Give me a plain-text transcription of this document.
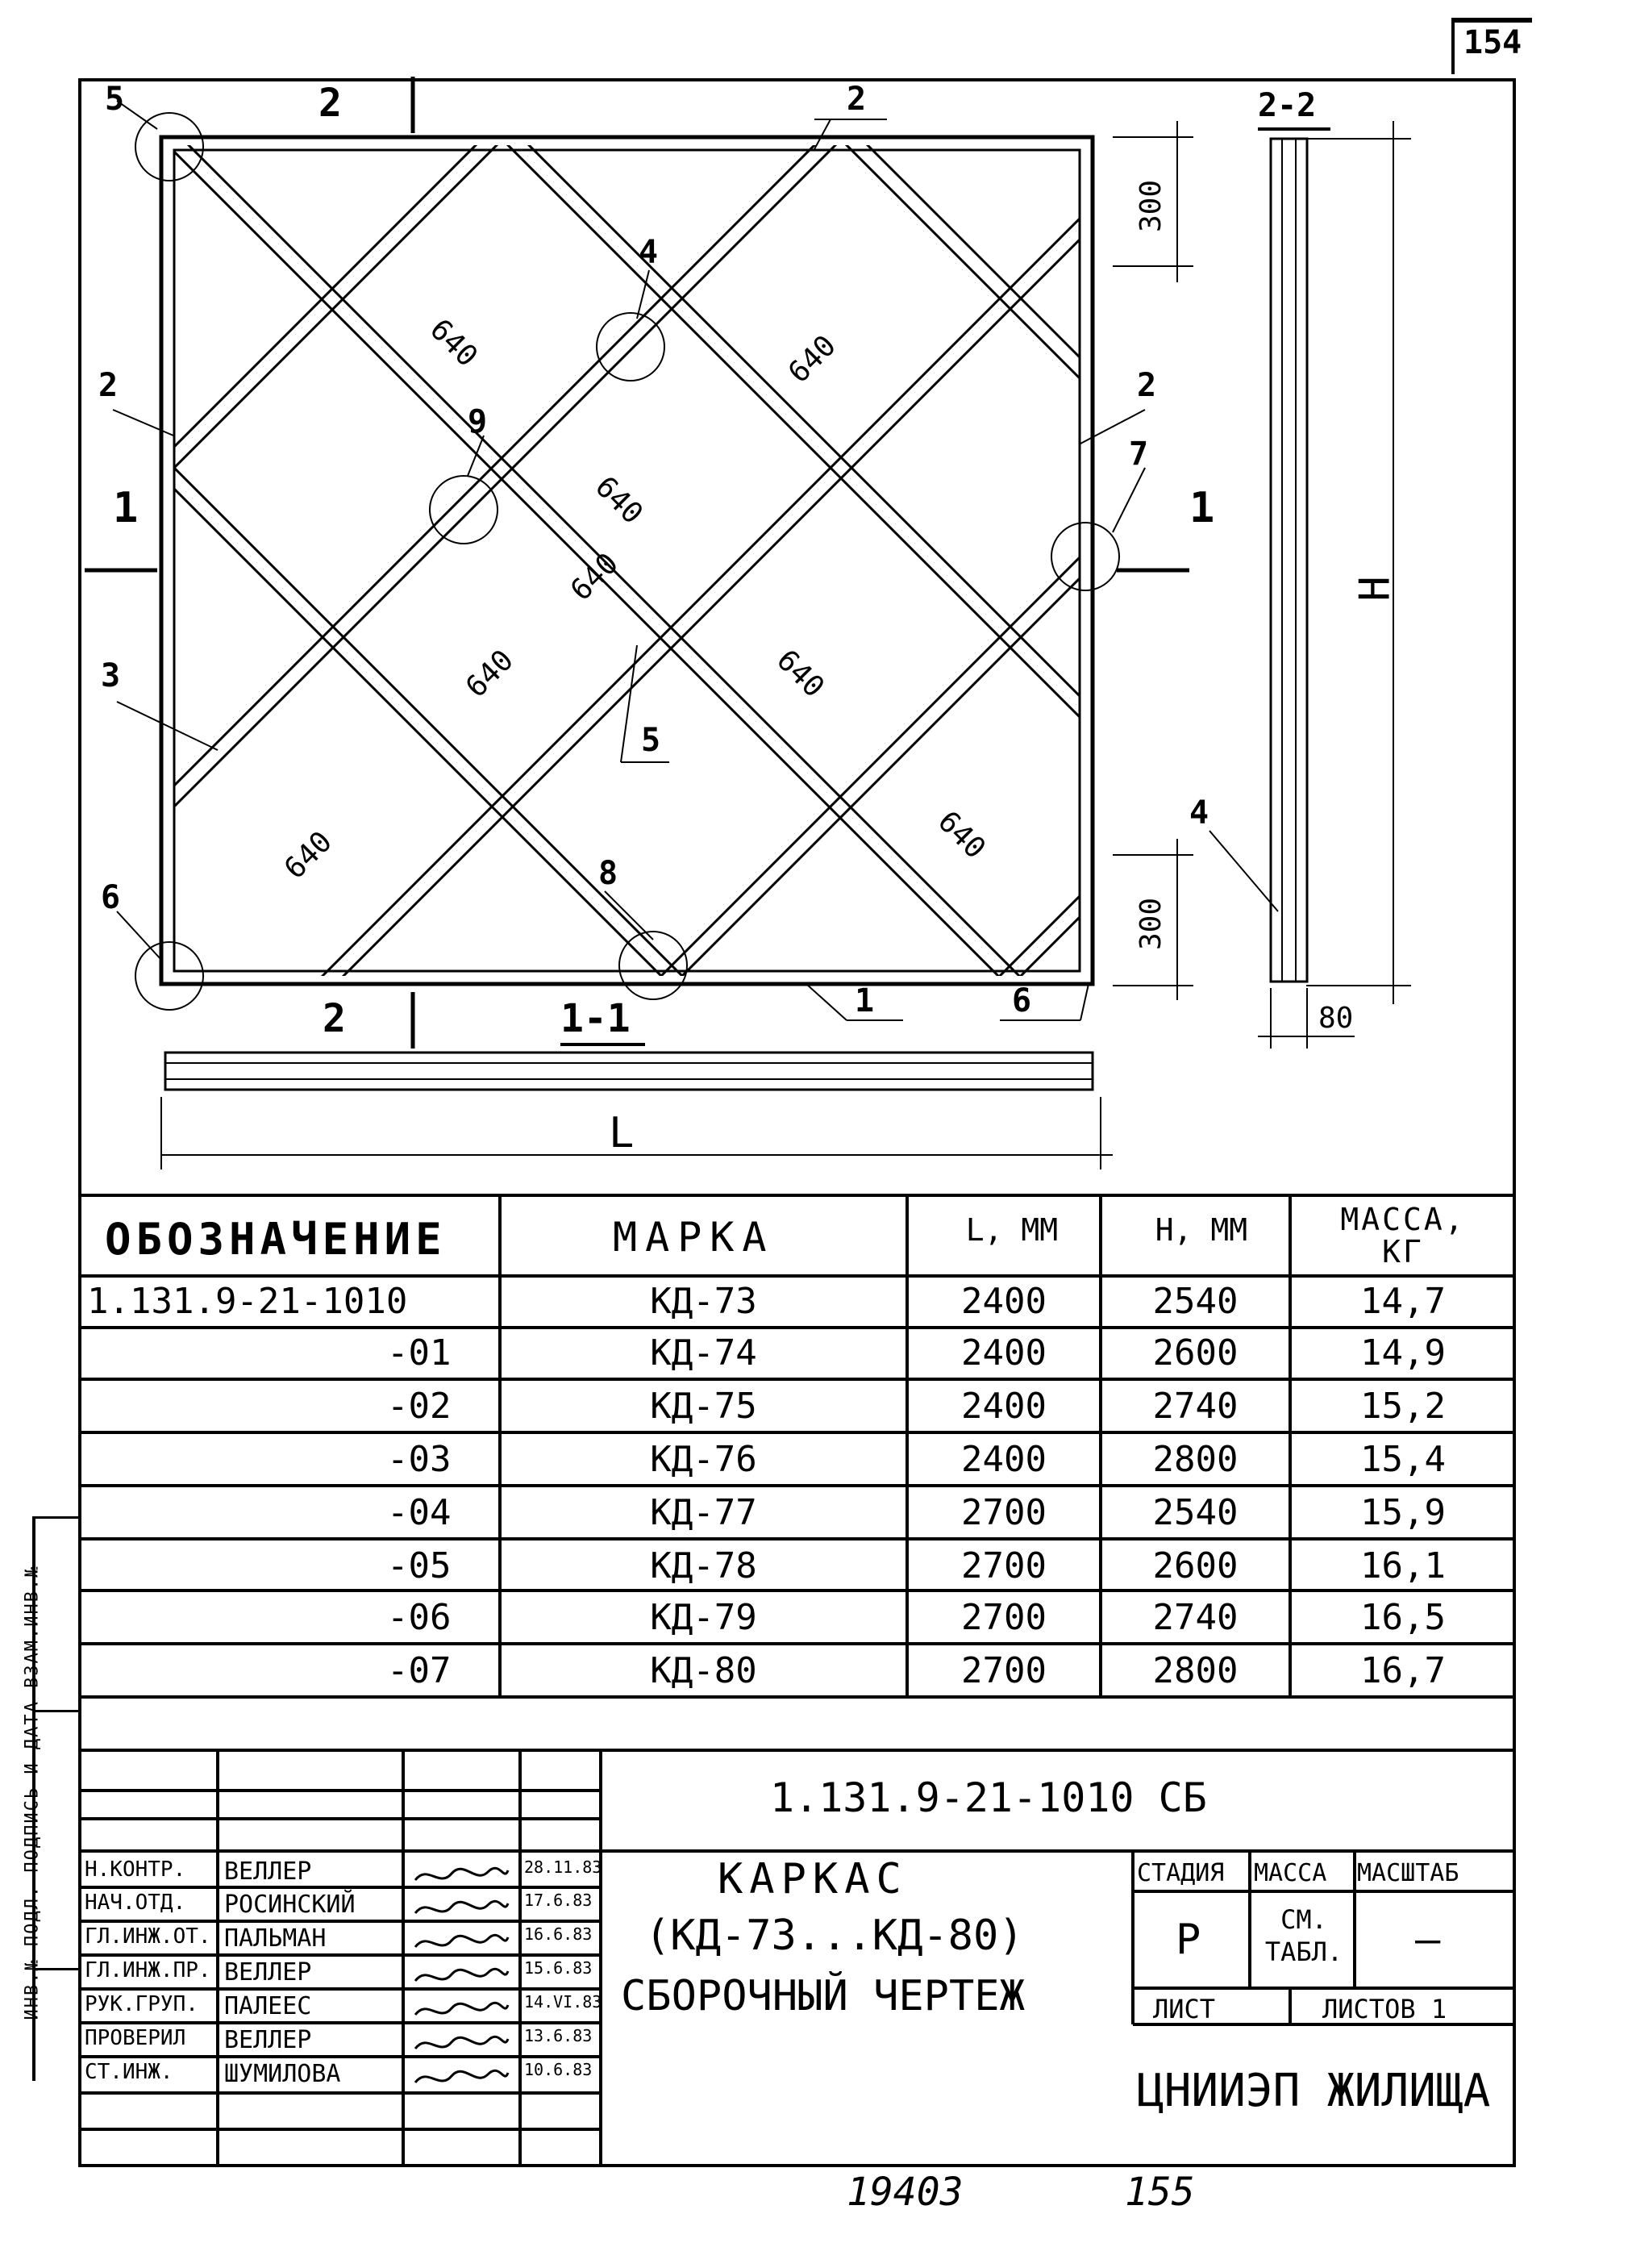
ИНВ.№ ПОДЛ. ПОДПИСЬ И ДАТА ВЗАМ.ИНВ.№
154
5	2
2	2
7
4
9
3
5
6
8
1	6
4
2
2
1	1
1-1
2-2
L
H
80
300
300
640	640
640
640
640	640
640	640
ОБОЗНАЧЕНИЕ	МАРКА	L, ММ	H, ММ	МАССА, КГ
1.131.9-21-1010	КД-73	2400	2540	14,7
-01	КД-74	2400	2600	14,9
-02	КД-75	2400	2740	15,2
-03	КД-76	2400	2800	15,4
-04	КД-77	2700	2540	15,9
-05	КД-78	2700	2600	16,1
-06	КД-79	2700	2740	16,5
-07	КД-80	2700	2800	16,7
1.131.9-21-1010 СБ
КАРКАС
(КД-73...КД-80)
СБОРОЧНЫЙ ЧЕРТЕЖ
СТАДИЯ МАССА МАСШТАБ
Р	СМ. ТАБЛ. —
ЛИСТ	ЛИСТОВ 1
ЦНИИЭП ЖИЛИЩА
Н.КОНТР. ВЕЛЛЕР	28.11.83
НАЧ.ОТД. РОСИНСКИЙ	17.6.83
ГЛ.ИНЖ.ОТ. ПАЛЬМАН	16.6.83
ГЛ.ИНЖ.ПР. ВЕЛЛЕР	15.6.83
РУК.ГРУП. ПАЛЕЕС	14.VI.83
ПРОВЕРИЛ ВЕЛЛЕР	13.6.83
СТ.ИНЖ. ШУМИЛОВА	10.6.83
19403	155
